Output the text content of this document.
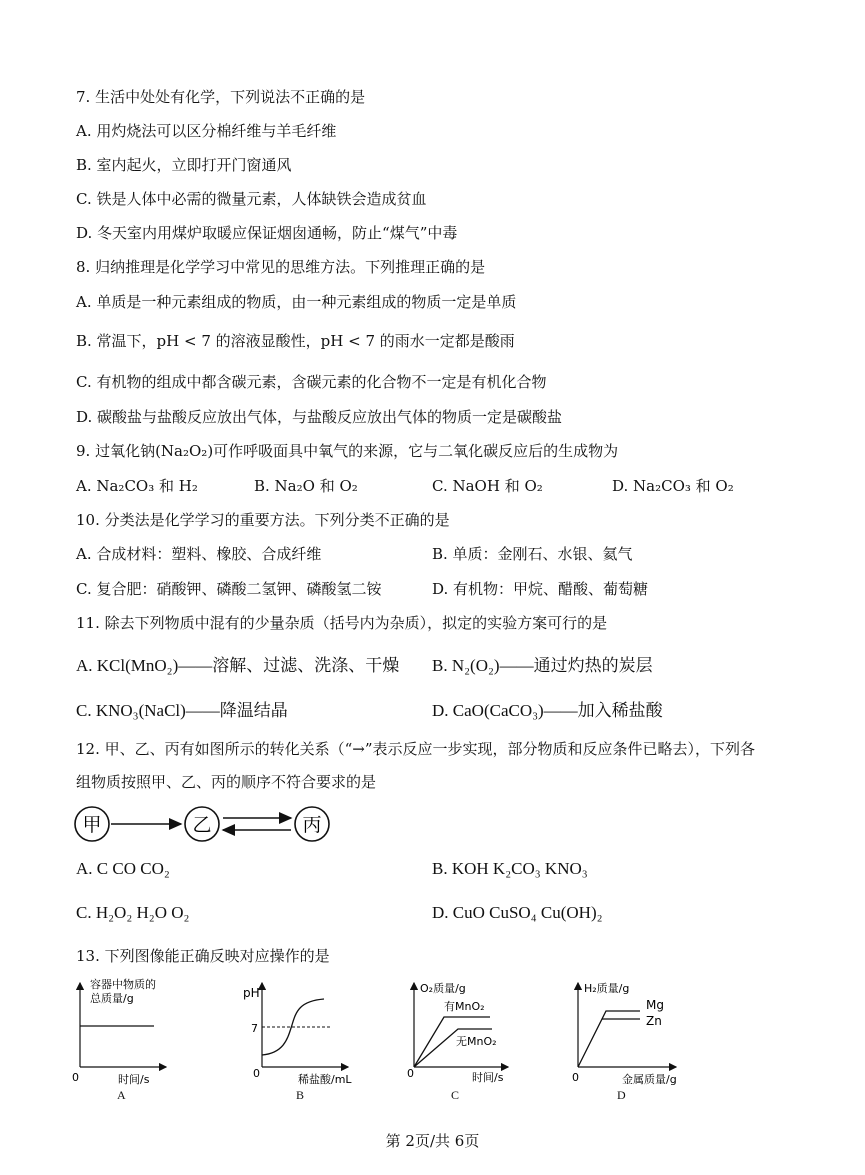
7. 生活中处处有化学，下列说法不正确的是
A. 用灼烧法可以区分棉纤维与羊毛纤维
B. 室内起火，立即打开门窗通风
C. 铁是人体中必需的微量元素，人体缺铁会造成贫血
D. 冬天室内用煤炉取暖应保证烟囱通畅，防止“煤气”中毒
8. 归纳推理是化学学习中常见的思维方法。下列推理正确的是
A. 单质是一种元素组成的物质，由一种元素组成的物质一定是单质
B. 常温下，pH < 7 的溶液显酸性，pH < 7 的雨水一定都是酸雨
C. 有机物的组成中都含碳元素，含碳元素的化合物不一定是有机化合物
D. 碳酸盐与盐酸反应放出气体，与盐酸反应放出气体的物质一定是碳酸盐
9. 过氧化钠(Na₂O₂)可作呼吸面具中氧气的来源，它与二氧化碳反应后的生成物为
A. Na₂CO₃ 和 H₂	B. Na₂O 和 O₂	C. NaOH 和 O₂	D. Na₂CO₃ 和 O₂
10. 分类法是化学学习的重要方法。下列分类不正确的是
A. 合成材料：塑料、橡胶、合成纤维	B. 单质：金刚石、水银、氦气
C. 复合肥：硝酸钾、磷酸二氢钾、磷酸氢二铵	D. 有机物：甲烷、醋酸、葡萄糖
11. 除去下列物质中混有的少量杂质（括号内为杂质），拟定的实验方案可行的是
A. KCl(MnO₂)——溶解、过滤、洗涤、干燥 B. N₂(O₂)——通过灼热的炭层
C. KNO₃(NaCl)——降温结晶	D. CaO(CaCO₃)——加入稀盐酸
12. 甲、乙、丙有如图所示的转化关系（“→”表示反应一步实现，部分物质和反应条件已略去），下列各
组物质按照甲、乙、丙的顺序不符合要求的是
甲	乙	丙
A. C CO CO₂	B. KOH K₂CO₃ KNO₃
C. H₂O₂ H₂O O₂	D. CuO CuSO₄ Cu(OH)₂
13. 下列图像能正确反映对应操作的是
容器中物质的
总质量/g
0	时间/s
A
pH
7
0	稀盐酸/mL
B
O₂质量/g
有MnO₂
无MnO₂
0	时间/s
C
H₂质量/g
Mg
Zn
0	金属质量/g
D
第 2页/共 6页
